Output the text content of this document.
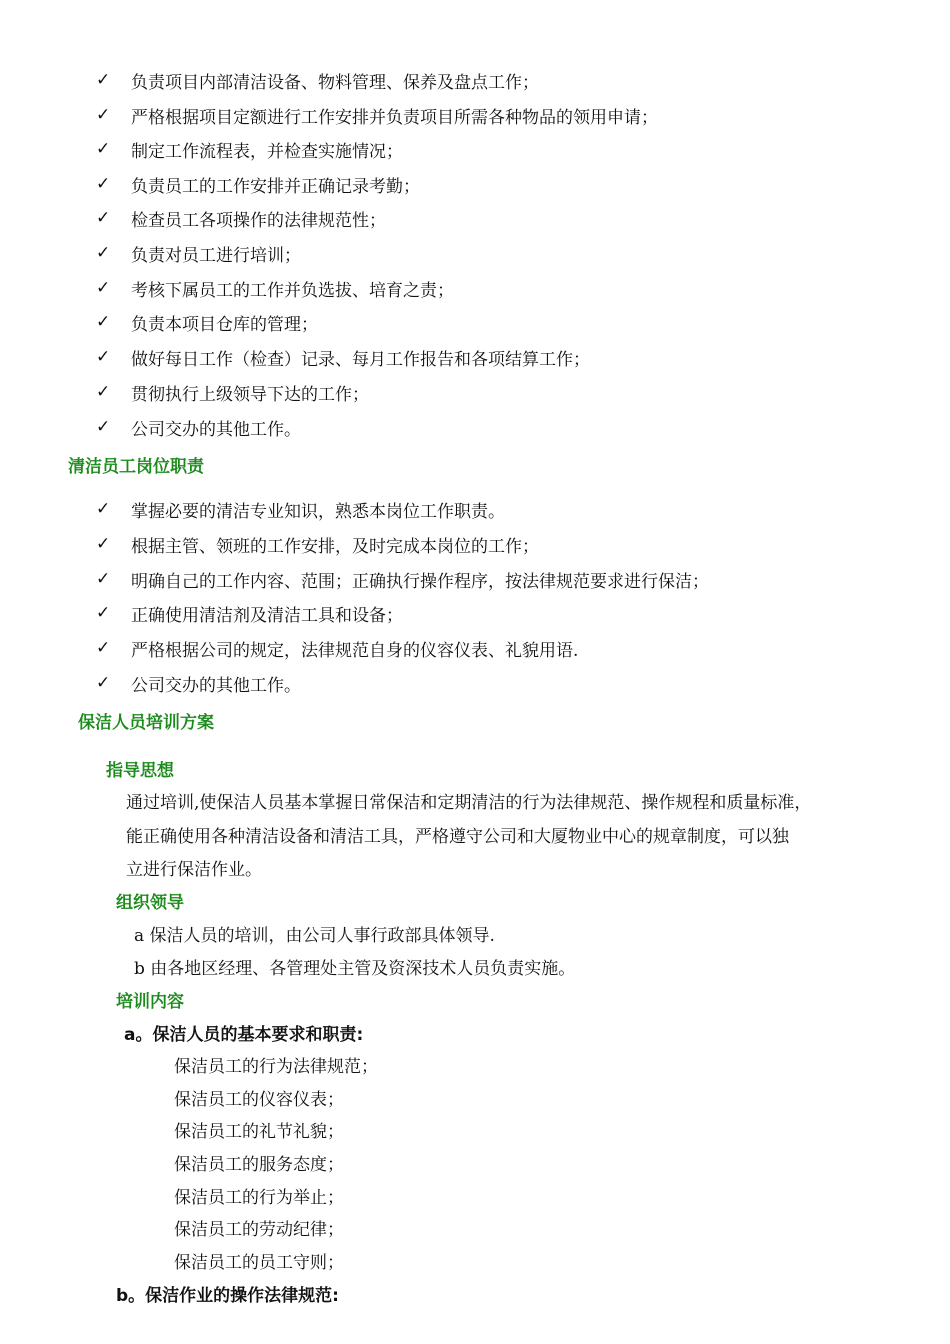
✓ 负责项目内部清洁设备、物料管理、保养及盘点工作；
✓ 严格根据项目定额进行工作安排并负责项目所需各种物品的领用申请；
✓ 制定工作流程表，并检查实施情况；
✓ 负责员工的工作安排并正确记录考勤；
✓ 检查员工各项操作的法律规范性；
✓ 负责对员工进行培训；
✓ 考核下属员工的工作并负选拔、培育之责；
✓ 负责本项目仓库的管理；
✓ 做好每日工作（检查）记录、每月工作报告和各项结算工作；
✓ 贯彻执行上级领导下达的工作；
✓ 公司交办的其他工作。
清洁员工岗位职责
✓ 掌握必要的清洁专业知识，熟悉本岗位工作职责。
✓ 根据主管、领班的工作安排，及时完成本岗位的工作；
✓ 明确自己的工作内容、范围；正确执行操作程序，按法律规范要求进行保洁；
✓ 正确使用清洁剂及清洁工具和设备；
✓ 严格根据公司的规定，法律规范自身的仪容仪表、礼貌用语.
✓ 公司交办的其他工作。
保洁人员培训方案
指导思想
通过培训,使保洁人员基本掌握日常保洁和定期清洁的行为法律规范、操作规程和质量标准，
能正确使用各种清洁设备和清洁工具，严格遵守公司和大厦物业中心的规章制度，可以独
立进行保洁作业。
组织领导
a 保洁人员的培训，由公司人事行政部具体领导.
b 由各地区经理、各管理处主管及资深技术人员负责实施。
培训内容
a。保洁人员的基本要求和职责:
保洁员工的行为法律规范；
保洁员工的仪容仪表；
保洁员工的礼节礼貌；
保洁员工的服务态度；
保洁员工的行为举止；
保洁员工的劳动纪律；
保洁员工的员工守则；
b。保洁作业的操作法律规范:
